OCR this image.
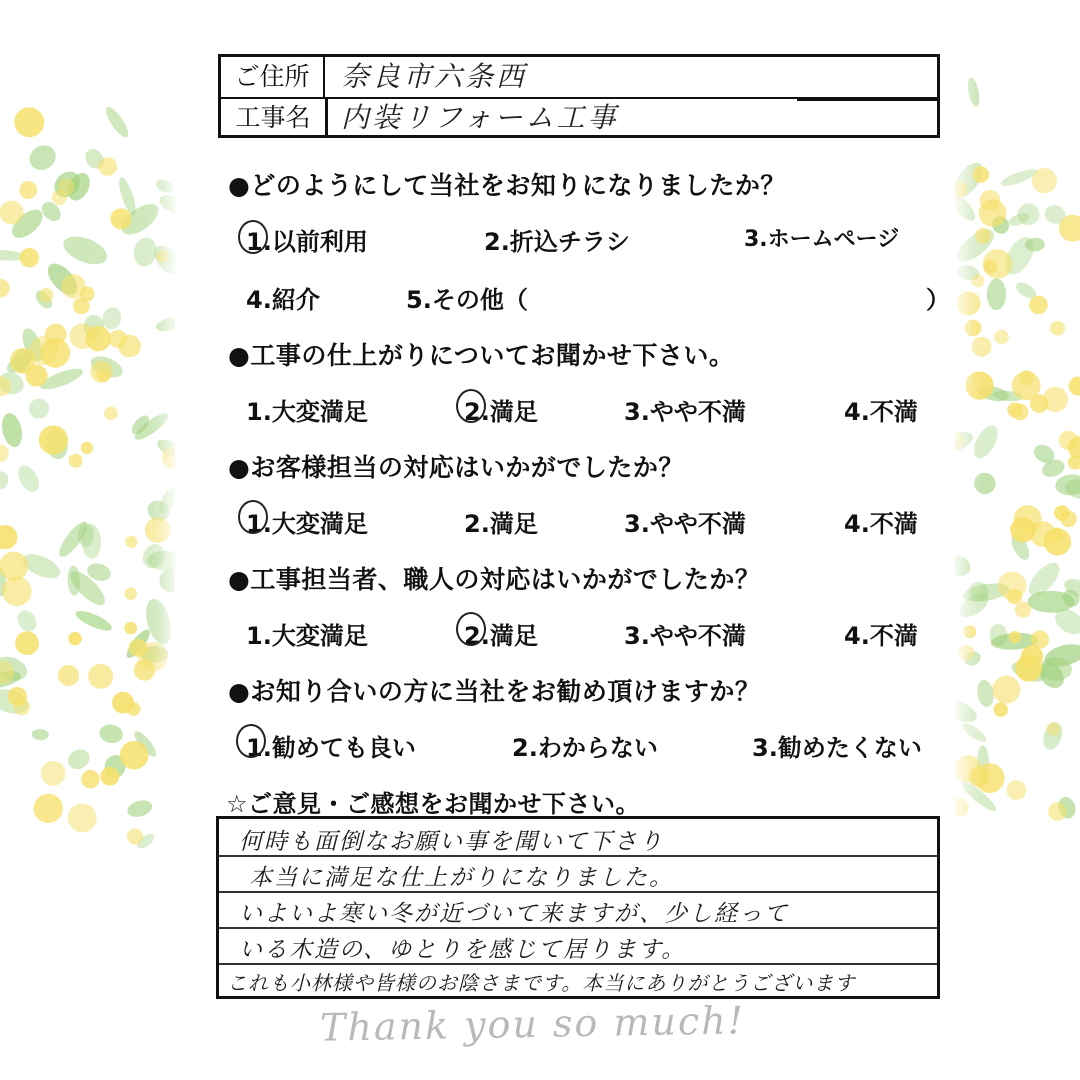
ご住所	奈良市六条西
工事名	内装リフォーム工事
●どのようにして当社をお知りになりましたか？
1.以前利用	2.折込チラシ	3.ホームページ
4.紹介	5.その他（	）
●工事の仕上がりについてお聞かせ下さい。
1.大変満足	2.満足	3.やや不満	4.不満
●お客様担当の対応はいかがでしたか？
1.大変満足	2.満足	3.やや不満	4.不満
●工事担当者、職人の対応はいかがでしたか？
1.大変満足	2.満足	3.やや不満	4.不満
●お知り合いの方に当社をお勧め頂けますか？
1.勧めても良い	2.わからない	3.勧めたくない
☆ご意見・ご感想をお聞かせ下さい。
何時も面倒なお願い事を聞いて下さり
本当に満足な仕上がりになりました。
いよいよ寒い冬が近づいて来ますが、少し経って
いる木造の、ゆとりを感じて居ります。
これも小林様や皆様のお陰さまです。本当にありがとうございます
Thank you so much!
